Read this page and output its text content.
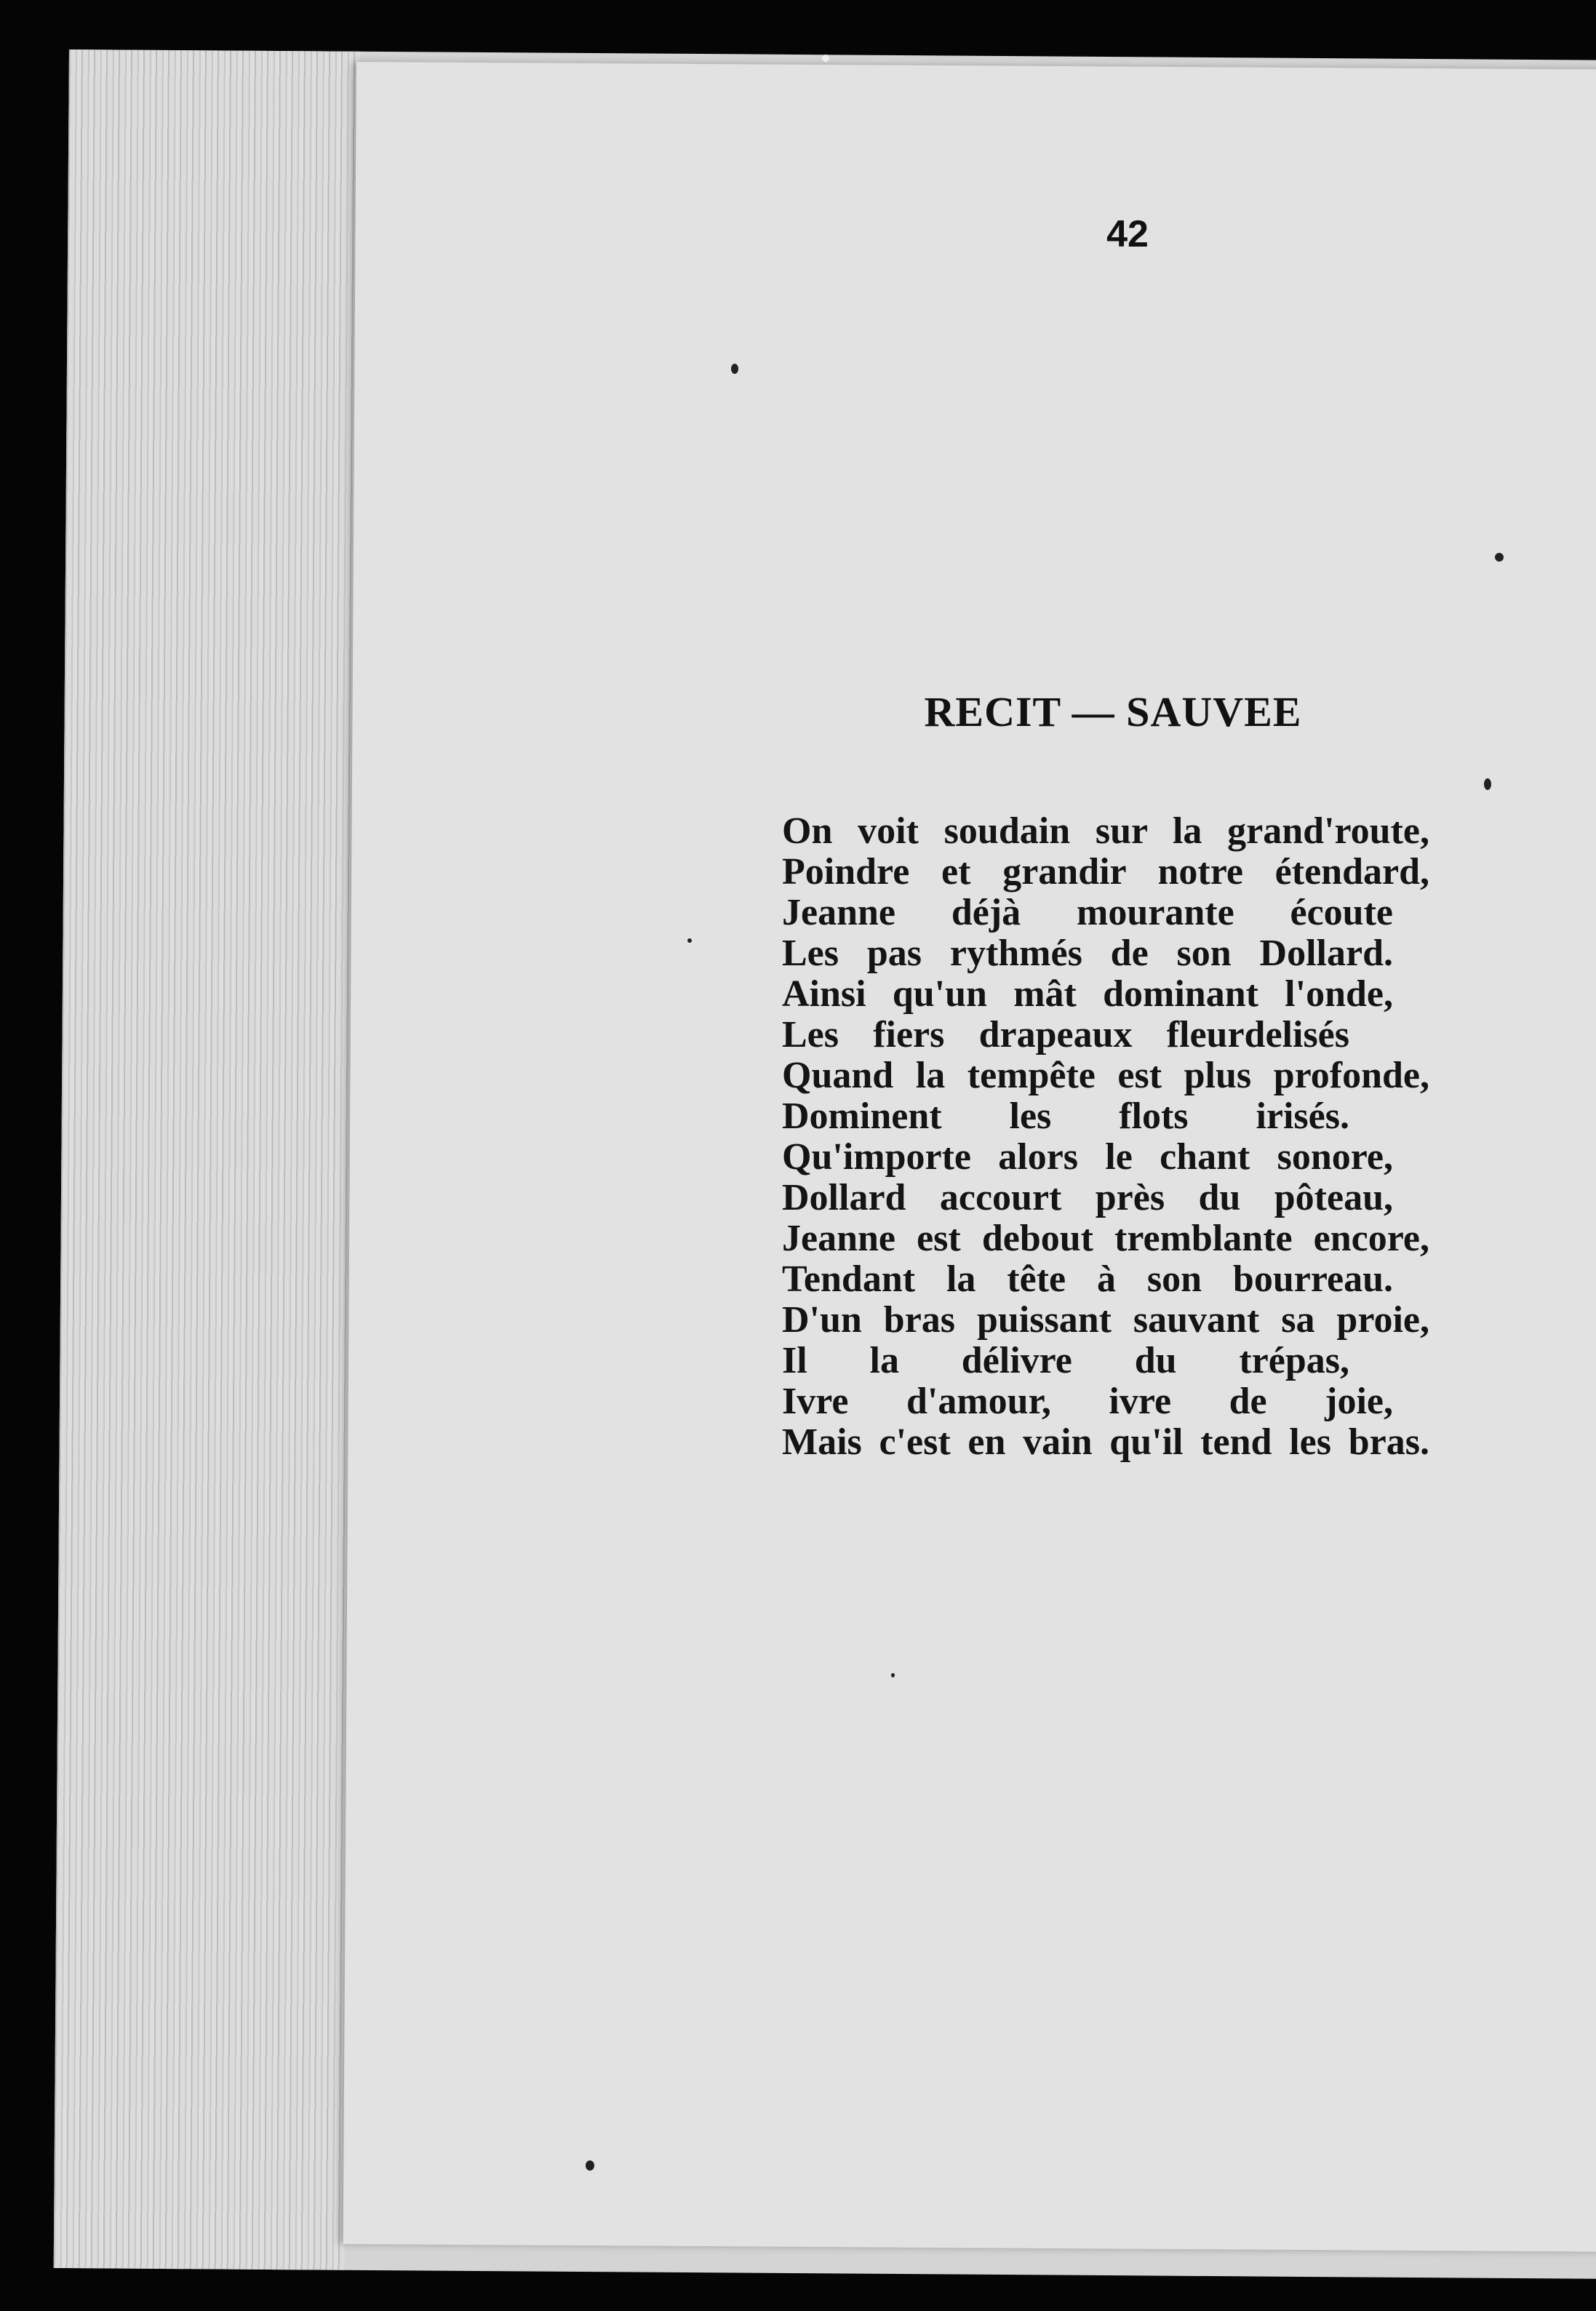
42
RECIT — SAUVEE
On voit soudain sur la grand'route,
Poindre et grandir notre étendard,
Jeanne déjà mourante écoute
Les pas rythmés de son Dollard.
Ainsi qu'un mât dominant l'onde,
Les fiers drapeaux fleurdelisés
Quand la tempête est plus profonde,
Dominent les flots irisés.
Qu'importe alors le chant sonore,
Dollard accourt près du pôteau,
Jeanne est debout tremblante encore,
Tendant la tête à son bourreau.
D'un bras puissant sauvant sa proie,
Il la délivre du trépas,
Ivre d'amour, ivre de joie,
Mais c'est en vain qu'il tend les bras.
